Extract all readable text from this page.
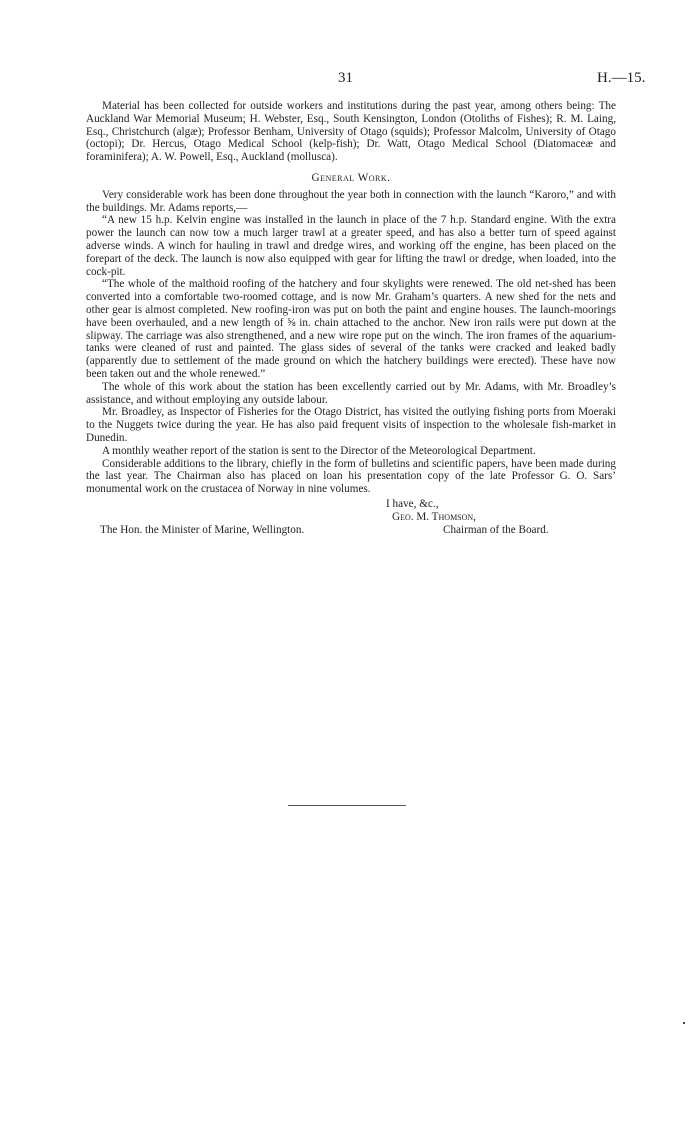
31	H.—15.

Material has been collected for outside workers and institutions during the past year, among others being: The Auckland War Memorial Museum; H. Webster, Esq., South Kensington, London (Otoliths of Fishes); R. M. Laing, Esq., Christchurch (algæ); Professor Benham, University of Otago (squids); Professor Malcolm, University of Otago (octopi); Dr. Hercus, Otago Medical School (kelp-fish); Dr. Watt, Otago Medical School (Diatomaceæ and foraminifera); A. W. Powell, Esq., Auckland (mollusca).

General Work.

Very considerable work has been done throughout the year both in connection with the launch “Karoro,” and with the buildings. Mr. Adams reports,—

“A new 15 h.p. Kelvin engine was installed in the launch in place of the 7 h.p. Standard engine. With the extra power the launch can now tow a much larger trawl at a greater speed, and has also a better turn of speed against adverse winds. A winch for hauling in trawl and dredge wires, and working off the engine, has been placed on the forepart of the deck. The launch is now also equipped with gear for lifting the trawl or dredge, when loaded, into the cock-pit.

“The whole of the malthoid roofing of the hatchery and four skylights were renewed. The old net-shed has been converted into a comfortable two-roomed cottage, and is now Mr. Graham’s quarters. A new shed for the nets and other gear is almost completed. New roofing-iron was put on both the paint and engine houses. The launch-moorings have been overhauled, and a new length of ⅝ in. chain attached to the anchor. New iron rails were put down at the slipway. The carriage was also strengthened, and a new wire rope put on the winch. The iron frames of the aquarium-tanks were cleaned of rust and painted. The glass sides of several of the tanks were cracked and leaked badly (apparently due to settlement of the made ground on which the hatchery buildings were erected). These have now been taken out and the whole renewed.”

The whole of this work about the station has been excellently carried out by Mr. Adams, with Mr. Broadley’s assistance, and without employing any outside labour.

Mr. Broadley, as Inspector of Fisheries for the Otago District, has visited the outlying fishing ports from Moeraki to the Nuggets twice during the year. He has also paid frequent visits of inspection to the wholesale fish-market in Dunedin.

A monthly weather report of the station is sent to the Director of the Meteorological Department.

Considerable additions to the library, chiefly in the form of bulletins and scientific papers, have been made during the last year. The Chairman also has placed on loan his presentation copy of the late Professor G. O. Sars’ monumental work on the crustacea of Norway in nine volumes.

I have, &c.,
Geo. M. Thomson,
The Hon. the Minister of Marine, Wellington.	Chairman of the Board.
